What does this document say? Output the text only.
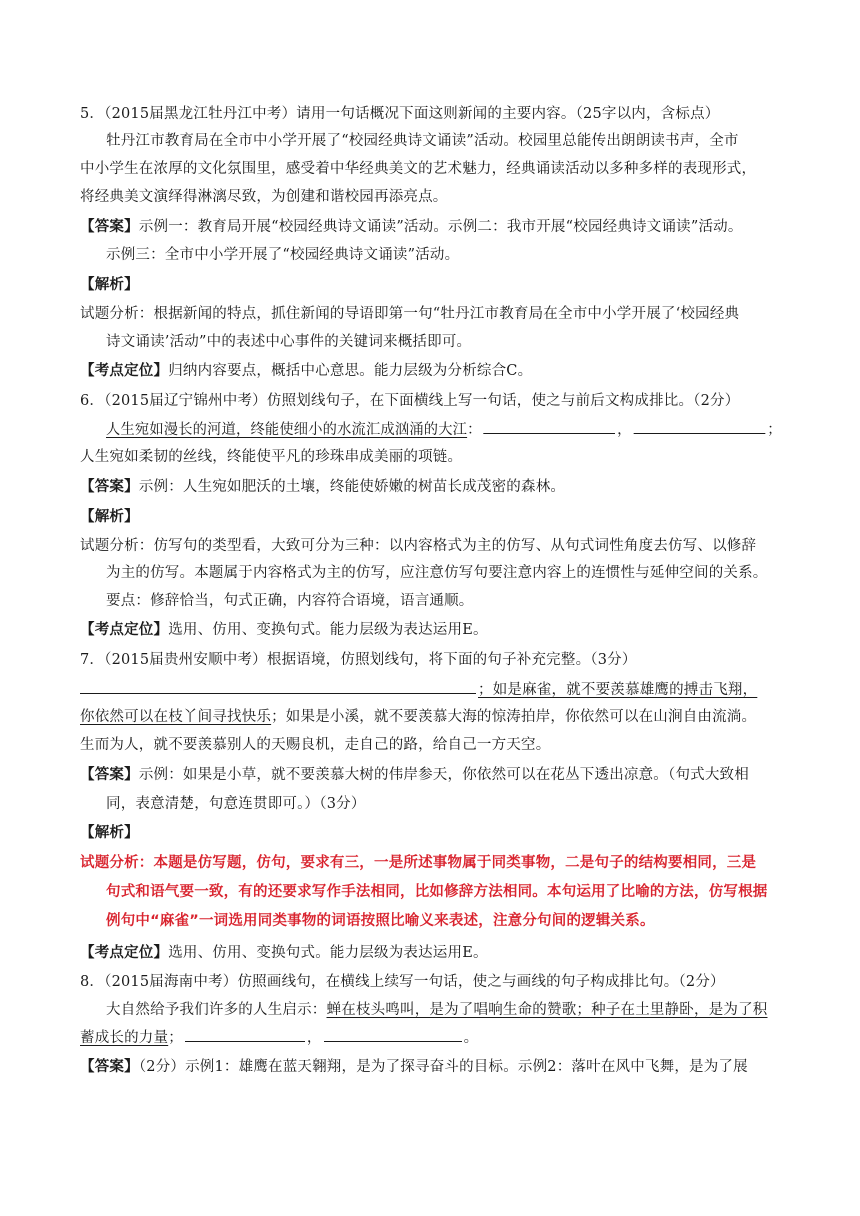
5．（2015届黑龙江牡丹江中考）请用一句话概况下面这则新闻的主要内容。（25字以内，含标点）
牡丹江市教育局在全市中小学开展了“校园经典诗文诵读”活动。校园里总能传出朗朗读书声，全市
中小学生在浓厚的文化氛围里，感受着中华经典美文的艺术魅力，经典诵读活动以多种多样的表现形式，
将经典美文演绎得淋漓尽致，为创建和谐校园再添亮点。
【答案】示例一：教育局开展“校园经典诗文诵读”活动。示例二：我市开展“校园经典诗文诵读”活动。
示例三：全市中小学开展了“校园经典诗文诵读”活动。
【解析】
试题分析：根据新闻的特点，抓住新闻的导语即第一句“牡丹江市教育局在全市中小学开展了‘校园经典
诗文诵读’活动”中的表述中心事件的关键词来概括即可。
【考点定位】归纳内容要点，概括中心意思。能力层级为分析综合C。
6．（2015届辽宁锦州中考）仿照划线句子，在下面横线上写一句话，使之与前后文构成排比。（2分）
人生宛如漫长的河道，终能使细小的水流汇成汹涌的大江：	，	；
人生宛如柔韧的丝线，终能使平凡的珍珠串成美丽的项链。
【答案】示例：人生宛如肥沃的土壤，终能使娇嫩的树苗长成茂密的森林。
【解析】
试题分析：仿写句的类型看，大致可分为三种：以内容格式为主的仿写、从句式词性角度去仿写、以修辞
为主的仿写。本题属于内容格式为主的仿写，应注意仿写句要注意内容上的连惯性与延伸空间的关系。
要点：修辞恰当，句式正确，内容符合语境，语言通顺。
【考点定位】选用、仿用、变换句式。能力层级为表达运用E。
7．（2015届贵州安顺中考）根据语境，仿照划线句，将下面的句子补充完整。（3分）
；如是麻雀，就不要羡慕雄鹰的搏击飞翔，
你依然可以在枝丫间寻找快乐；如果是小溪，就不要羡慕大海的惊涛拍岸，你依然可以在山涧自由流淌。
生而为人，就不要羡慕别人的天赐良机，走自己的路，给自己一方天空。
【答案】示例：如果是小草，就不要羡慕大树的伟岸参天，你依然可以在花丛下透出凉意。（句式大致相
同，表意清楚，句意连贯即可。）（3分）
【解析】
试题分析：本题是仿写题，仿句，要求有三，一是所述事物属于同类事物，二是句子的结构要相同，三是
句式和语气要一致，有的还要求写作手法相同，比如修辞方法相同。本句运用了比喻的方法，仿写根据
例句中“麻雀”一词选用同类事物的词语按照比喻义来表述，注意分句间的逻辑关系。
【考点定位】选用、仿用、变换句式。能力层级为表达运用E。
8．（2015届海南中考）仿照画线句，在横线上续写一句话，使之与画线的句子构成排比句。（2分）
大自然给予我们许多的人生启示：蝉在枝头鸣叫，是为了唱响生命的赞歌；种子在土里静卧，是为了积
蓄成长的力量；	，	。
【答案】（2分）示例1：雄鹰在蓝天翱翔，是为了探寻奋斗的目标。示例2：落叶在风中飞舞，是为了展
